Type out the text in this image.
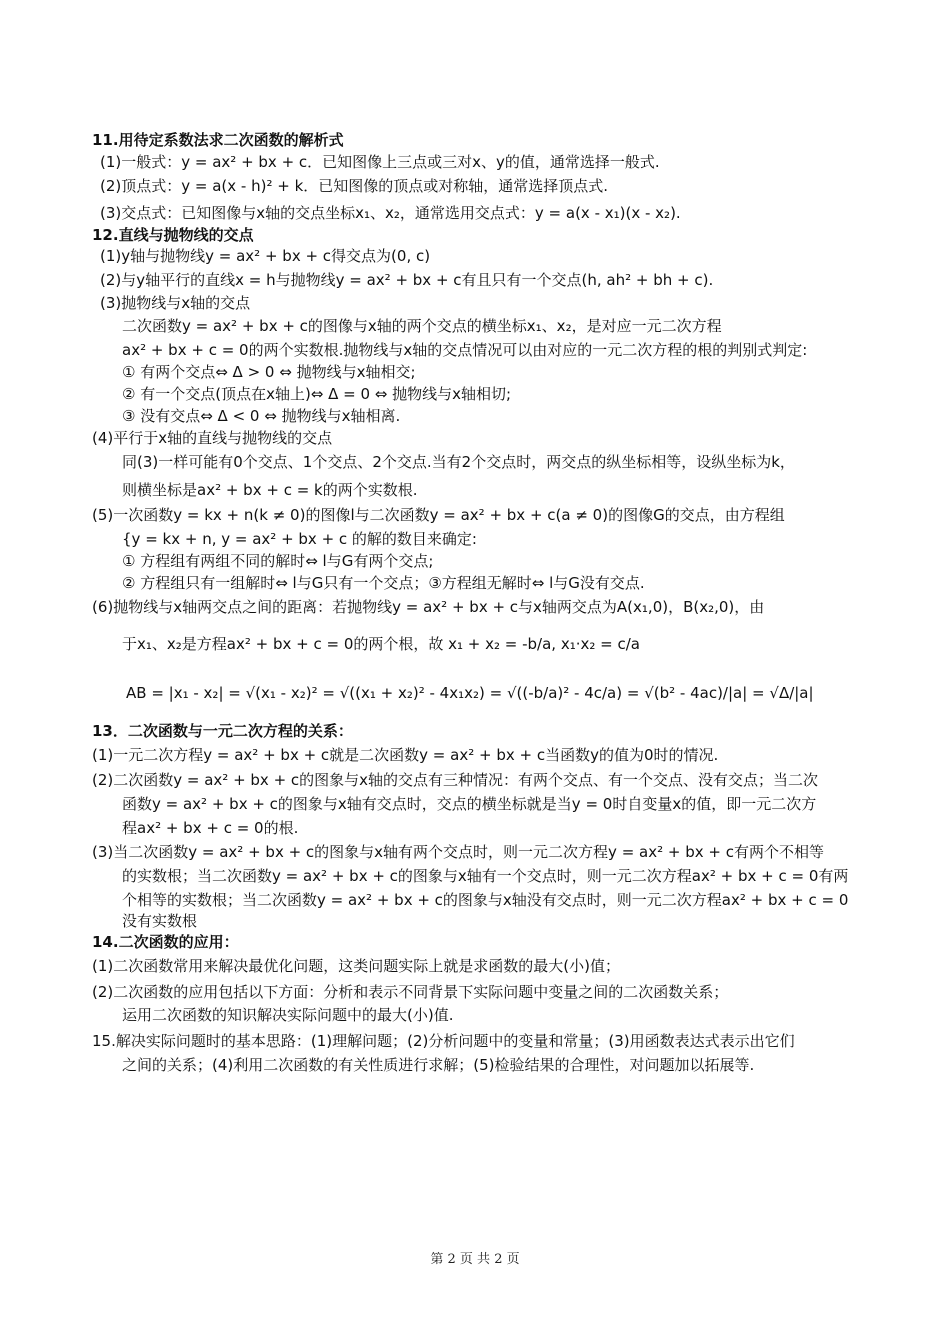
11.用待定系数法求二次函数的解析式
(1)一般式：y = ax² + bx + c．已知图像上三点或三对x、y的值，通常选择一般式.
(2)顶点式：y = a(x - h)² + k．已知图像的顶点或对称轴，通常选择顶点式.
(3)交点式：已知图像与x轴的交点坐标x₁、x₂，通常选用交点式：y = a(x - x₁)(x - x₂).
12.直线与抛物线的交点
(1)y轴与抛物线y = ax² + bx + c得交点为(0, c)
(2)与y轴平行的直线x = h与抛物线y = ax² + bx + c有且只有一个交点(h, ah² + bh + c).
(3)抛物线与x轴的交点
二次函数y = ax² + bx + c的图像与x轴的两个交点的横坐标x₁、x₂，是对应一元二次方程
ax² + bx + c = 0的两个实数根.抛物线与x轴的交点情况可以由对应的一元二次方程的根的判别式判定:
① 有两个交点⇔ Δ > 0 ⇔ 抛物线与x轴相交;
② 有一个交点(顶点在x轴上)⇔ Δ = 0 ⇔ 抛物线与x轴相切;
③ 没有交点⇔ Δ < 0 ⇔ 抛物线与x轴相离.
(4)平行于x轴的直线与抛物线的交点
同(3)一样可能有0个交点、1个交点、2个交点.当有2个交点时，两交点的纵坐标相等，设纵坐标为k，
则横坐标是ax² + bx + c = k的两个实数根.
(5)一次函数y = kx + n(k ≠ 0)的图像l与二次函数y = ax² + bx + c(a ≠ 0)的图像G的交点，由方程组
{y = kx + n, y = ax² + bx + c 的解的数目来确定:
① 方程组有两组不同的解时⇔ l与G有两个交点;
② 方程组只有一组解时⇔ l与G只有一个交点；③方程组无解时⇔ l与G没有交点.
(6)抛物线与x轴两交点之间的距离：若抛物线y = ax² + bx + c与x轴两交点为A(x₁,0)，B(x₂,0)，由
于x₁、x₂是方程ax² + bx + c = 0的两个根，故 x₁ + x₂ = -b/a, x₁·x₂ = c/a
AB = |x₁ - x₂| = √(x₁ - x₂)² = √((x₁ + x₂)² - 4x₁x₂) = √((-b/a)² - 4c/a) = √(b² - 4ac)/|a| = √Δ/|a|
13．二次函数与一元二次方程的关系：
(1)一元二次方程y = ax² + bx + c就是二次函数y = ax² + bx + c当函数y的值为0时的情况.
(2)二次函数y = ax² + bx + c的图象与x轴的交点有三种情况：有两个交点、有一个交点、没有交点；当二次
函数y = ax² + bx + c的图象与x轴有交点时，交点的横坐标就是当y = 0时自变量x的值，即一元二次方
程ax² + bx + c = 0的根.
(3)当二次函数y = ax² + bx + c的图象与x轴有两个交点时，则一元二次方程y = ax² + bx + c有两个不相等
的实数根；当二次函数y = ax² + bx + c的图象与x轴有一个交点时，则一元二次方程ax² + bx + c = 0有两
个相等的实数根；当二次函数y = ax² + bx + c的图象与x轴没有交点时，则一元二次方程ax² + bx + c = 0
没有实数根
14.二次函数的应用：
(1)二次函数常用来解决最优化问题，这类问题实际上就是求函数的最大(小)值；
(2)二次函数的应用包括以下方面：分析和表示不同背景下实际问题中变量之间的二次函数关系；
运用二次函数的知识解决实际问题中的最大(小)值.
15.解决实际问题时的基本思路：(1)理解问题；(2)分析问题中的变量和常量；(3)用函数表达式表示出它们
之间的关系；(4)利用二次函数的有关性质进行求解；(5)检验结果的合理性，对问题加以拓展等.
第 2 页 共 2 页
